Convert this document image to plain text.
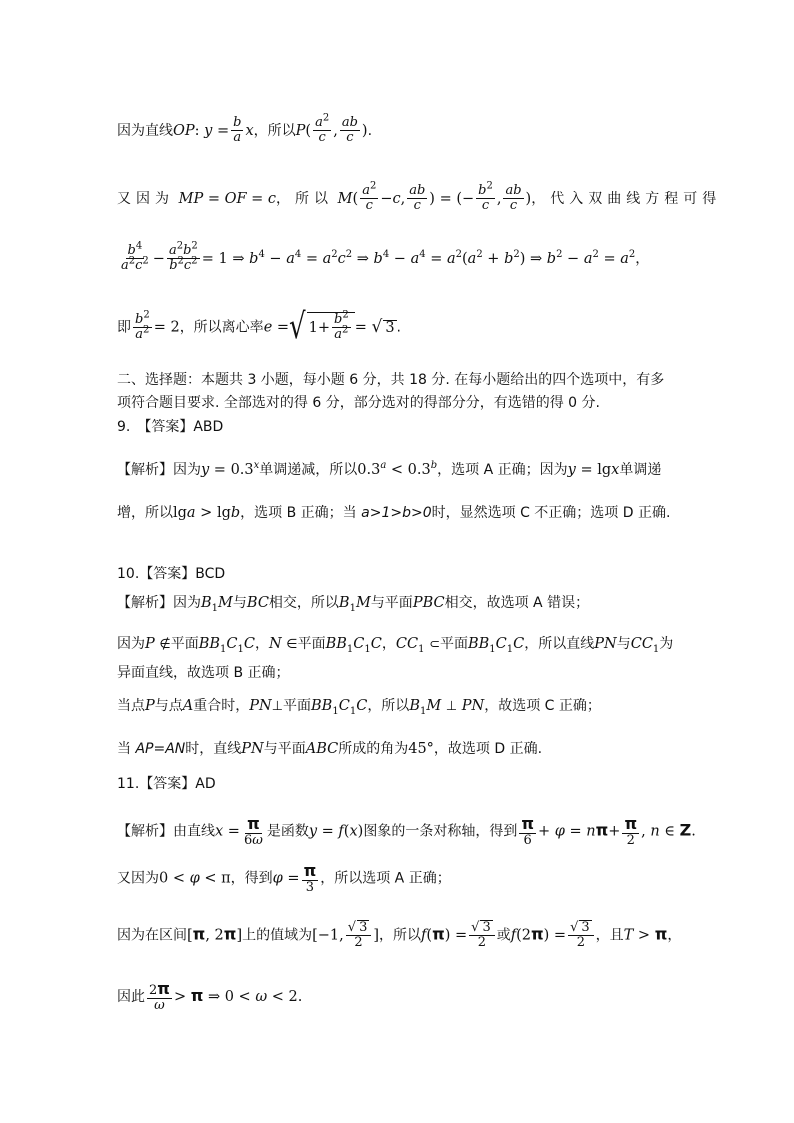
因为直线OP: $y = \frac{b}{a}$ x，所以$P( \frac{a^2}{c}$ , $\frac{ab}{c}$ ).
又因为 MP = OF = c，所以 $M( \frac{a^2}{c} -c$, $\frac{ab}{c}$ ) = (− $\frac{b^2}{c}$ , $\frac{ab}{c}$ )，代入双曲线方程可得
$\frac{b^4}{a^2c^2} - \frac{a^2b^2}{b^2c^2} = 1$ ⇒ $b^4 - a^4 = a^2c^2$ ⇒ $b^4 - a^4 = a^2(a^2 + b^2)$ ⇒ $b^2 - a^2 = a^2$，
即 $\frac{b^2}{a^2} = 2$，所以离心率e = √ $1+ \frac{b^2}{a^2}$ = √ 3 .
二、选择题：本题共 3 小题，每小题 6 分，共 18 分. 在每小题给出的四个选项中，有多
项符合题目要求. 全部选对的得 6 分，部分选对的得部分分，有选错的得 0 分.
9.　【答案】ABD
【解析】因为$y = 0.3^x$单调递减，所以0.3$^a$ < 0.3$^b$，选项 A 正确；因为y = lgx单调递
增，所以lga > lgb，选项 B 正确；当 a>1>b>0时，显然选项 C 不正确；选项 D 正确.
10.【答案】BCD
【解析】因为$B_1M$与BC相交，所以$B_1M$与平面PBC相交，故选项 A 错误；
因为P ∉平面$BB_1C_1C$，N ∈平面$BB_1C_1C$，$CC_1$ ⊂平面$BB_1C_1C$，所以直线PN与$CC_1$为
异面直线，故选项 B 正确；
当点P与点A重合时，PN⊥平面$BB_1C_1C$，所以$B_1M$ ⊥ PN，故选项 C 正确；
当 AP=AN时，直线PN与平面ABC所成的角为45°，故选项 D 正确.
11.【答案】AD
【解析】由直线$x = \frac{\pi}{6\omega}$ 是函数y = f(x)图象的一条对称轴，得到 $\frac{\pi}{6} + \varphi = n\pi+ \frac{\pi}{2}$ , n ∈ Z.
又因为0 < φ < π，得到$\varphi = \frac{\pi}{3}$ ，所以选项 A 正确；
因为在区间[π, 2π]上的值域为[−1, $\frac{√ 3}{2}$ ]，所以$f(\pi) = \frac{√ 3}{2}$ 或$f(2\pi) = \frac{√ 3}{2}$ ，且T > π，
因此 $\frac{2\pi}{\omega} > \pi$ ⇒ 0 < ω < 2.
